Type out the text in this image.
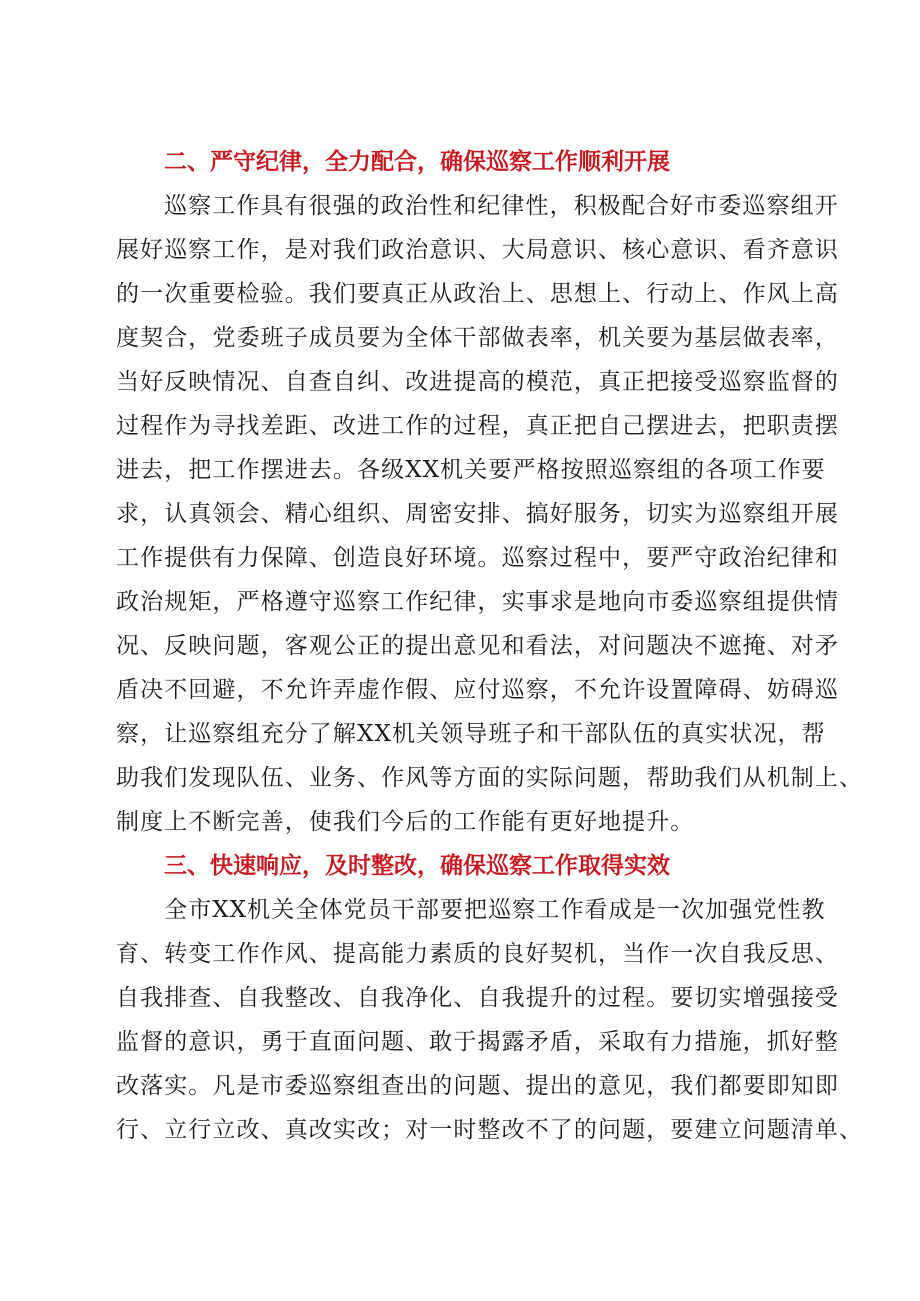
二、严守纪律，全力配合，确保巡察工作顺利开展

巡察工作具有很强的政治性和纪律性，积极配合好市委巡察组开
展好巡察工作，是对我们政治意识、大局意识、核心意识、看齐意识
的一次重要检验。我们要真正从政治上、思想上、行动上、作风上高
度契合，党委班子成员要为全体干部做表率，机关要为基层做表率，
当好反映情况、自查自纠、改进提高的模范，真正把接受巡察监督的
过程作为寻找差距、改进工作的过程，真正把自己摆进去，把职责摆
进去，把工作摆进去。各级XX机关要严格按照巡察组的各项工作要
求，认真领会、精心组织、周密安排、搞好服务，切实为巡察组开展
工作提供有力保障、创造良好环境。巡察过程中，要严守政治纪律和
政治规矩，严格遵守巡察工作纪律，实事求是地向市委巡察组提供情
况、反映问题，客观公正的提出意见和看法，对问题决不遮掩、对矛
盾决不回避，不允许弄虚作假、应付巡察，不允许设置障碍、妨碍巡
察，让巡察组充分了解XX机关领导班子和干部队伍的真实状况，帮
助我们发现队伍、业务、作风等方面的实际问题，帮助我们从机制上、
制度上不断完善，使我们今后的工作能有更好地提升。

三、快速响应，及时整改，确保巡察工作取得实效

全市XX机关全体党员干部要把巡察工作看成是一次加强党性教
育、转变工作作风、提高能力素质的良好契机，当作一次自我反思、
自我排查、自我整改、自我净化、自我提升的过程。要切实增强接受
监督的意识，勇于直面问题、敢于揭露矛盾，采取有力措施，抓好整
改落实。凡是市委巡察组查出的问题、提出的意见，我们都要即知即
行、立行立改、真改实改；对一时整改不了的问题，要建立问题清单、
